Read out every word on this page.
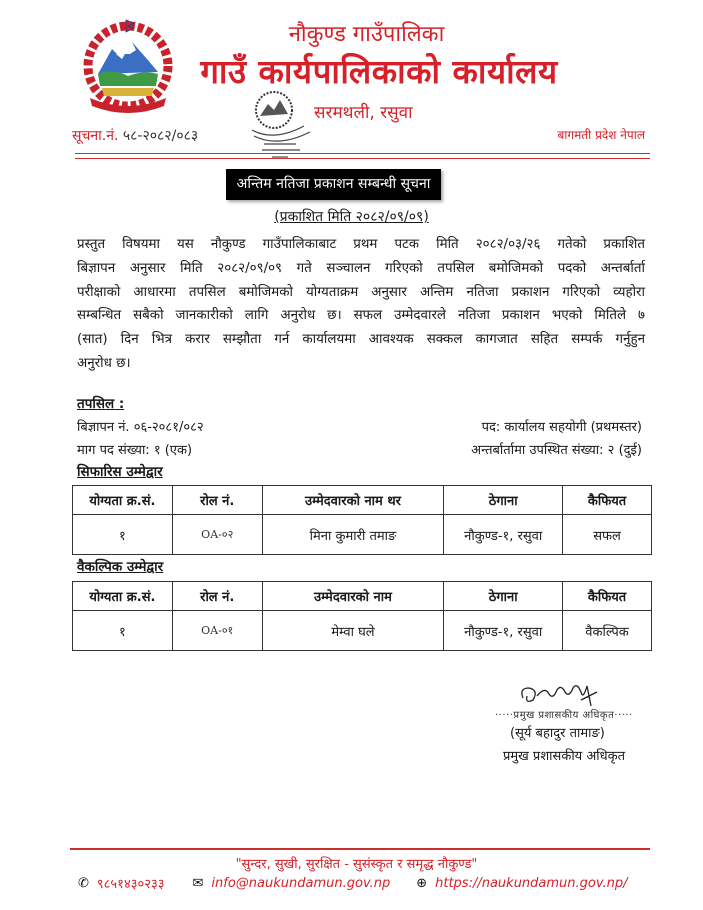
नौकुण्ड गाउँपालिका
गाउँ कार्यपालिकाको कार्यालय
सरमथली, रसुवा
सूचना.नं. ५८-२०८२/०८३	बागमती प्रदेश नेपाल
अन्तिम नतिजा प्रकाशन सम्बन्धी सूचना
(प्रकाशित मिति २०८२/०९/०९)
प्रस्तुत विषयमा यस नौकुण्ड गाउँपालिकाबाट प्रथम पटक मिति २०८२/०३/२६ गतेको प्रकाशित
बिज्ञापन अनुसार मिति २०८२/०९/०९ गते सञ्चालन गरिएको तपसिल बमोजिमको पदको अन्तर्बार्ता
परीक्षाको आधारमा तपसिल बमोजिमको योग्यताक्रम अनुसार अन्तिम नतिजा प्रकाशन गरिएको व्यहोरा
सम्बन्धित सबैको जानकारीको लागि अनुरोध छ। सफल उम्मेदवारले नतिजा प्रकाशन भएको मितिले ७
(सात) दिन भित्र करार सम्झौता गर्न कार्यालयमा आवश्यक सक्कल कागजात सहित सम्पर्क गर्नुहुन
अनुरोध छ।
तपसिल :
बिज्ञापन नं. ०६-२०८१/०८२	पद: कार्यालय सहयोगी (प्रथमस्तर)
माग पद संख्या: १ (एक)	अन्तर्बार्तामा उपस्थित संख्या: २ (दुई)
सिफारिस उम्मेद्वार
योग्यता क्र.सं.	रोल नं.	उम्मेदवारको नाम थर	ठेगाना	कैफियत
१	OA-०२	मिना कुमारी तमाङ	नौकुण्ड-१, रसुवा	सफल
वैकल्पिक उम्मेद्वार
योग्यता क्र.सं.	रोल नं.	उम्मेदवारको नाम	ठेगाना	कैफियत
१	OA-०१	मेम्वा घले	नौकुण्ड-१, रसुवा	वैकल्पिक
·····प्रमुख प्रशासकीय अधिकृत·····
(सूर्य बहादुर तामाङ)
प्रमुख प्रशासकीय अधिकृत
"सुन्दर, सुखी, सुरक्षित - सुसंस्कृत र समृद्ध नौकुण्ड"
✆ ९८५१४३०२३३ ✉ info@naukundamun.gov.np ⊕ https://naukundamun.gov.np/
